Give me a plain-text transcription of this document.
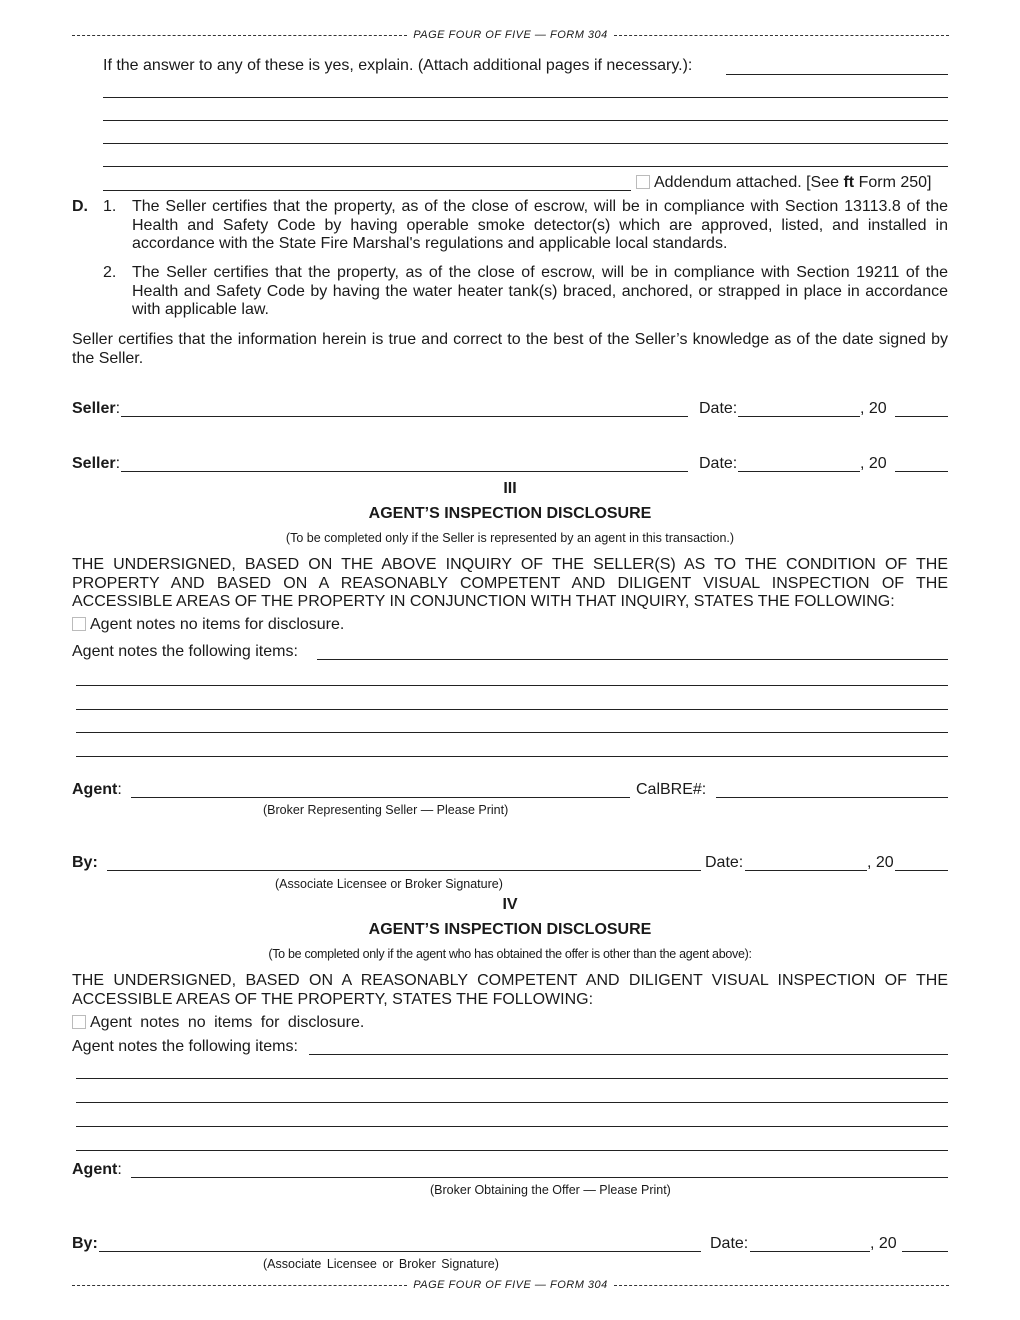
PAGE FOUR OF FIVE — FORM 304
If the answer to any of these is yes, explain. (Attach additional pages if necessary.):
Addendum attached. [See ft Form 250]
D. 1. The Seller certifies that the property, as of the close of escrow, will be in compliance with Section 13113.8 of the Health and Safety Code by having operable smoke detector(s) which are approved, listed, and installed in accordance with the State Fire Marshal's regulations and applicable local standards.
2. The Seller certifies that the property, as of the close of escrow, will be in compliance with Section 19211 of the Health and Safety Code by having the water heater tank(s) braced, anchored, or strapped in place in accordance with applicable law.
Seller certifies that the information herein is true and correct to the best of the Seller’s knowledge as of the date signed by the Seller.
Seller:	Date:	, 20
Seller:	Date:	, 20
III
AGENT’S INSPECTION DISCLOSURE
(To be completed only if the Seller is represented by an agent in this transaction.)
THE UNDERSIGNED, BASED ON THE ABOVE INQUIRY OF THE SELLER(S) AS TO THE CONDITION OF THE PROPERTY AND BASED ON A REASONABLY COMPETENT AND DILIGENT VISUAL INSPECTION OF THE ACCESSIBLE AREAS OF THE PROPERTY IN CONJUNCTION WITH THAT INQUIRY, STATES THE FOLLOWING:
Agent notes no items for disclosure.
Agent notes the following items:
Agent:	CalBRE#:
(Broker Representing Seller — Please Print)
By:	Date:	, 20
(Associate Licensee or Broker Signature)
IV
AGENT’S INSPECTION DISCLOSURE
(To be completed only if the agent who has obtained the offer is other than the agent above):
THE UNDERSIGNED, BASED ON A REASONABLY COMPETENT AND DILIGENT VISUAL INSPECTION OF THE ACCESSIBLE AREAS OF THE PROPERTY, STATES THE FOLLOWING:
Agent notes no items for disclosure.
Agent notes the following items:
Agent:
(Broker Obtaining the Offer — Please Print)
By:	Date:	, 20
(Associate Licensee or Broker Signature)
PAGE FOUR OF FIVE — FORM 304
